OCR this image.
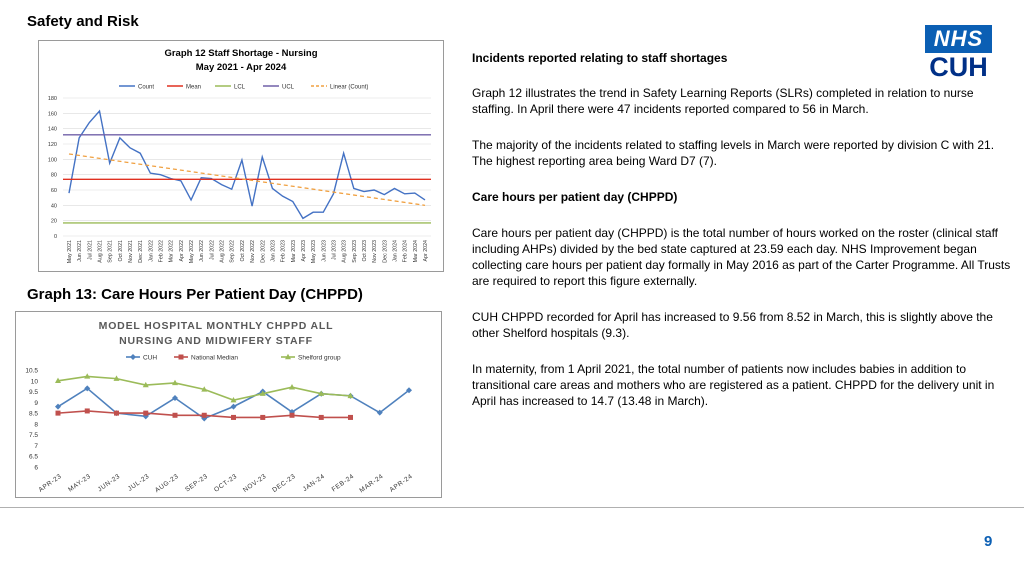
Safety and Risk
Graph 12 Staff Shortage - Nursing
May 2021 - Apr 2024
Count	Mean	LCL	UCL	Linear (Count)
0
20
40
60
80
100
120
140
160
180
May 2021 Jun 2021 Jul 2021 Aug 2021 Sep 2021 Oct 2021 Nov 2021 Dec 2021 Jan 2022 Feb 2022 Mar 2022 Apr 2022 May 2022 Jun 2022 Jul 2022 Aug 2022 Sep 2022 Oct 2022 Nov 2022 Dec 2022 Jan 2023 Feb 2023 Mar 2023 Apr 2023 May 2023 Jun 2023 Jul 2023 Aug 2023 Sep 2023 Oct 2023 Nov 2023 Dec 2023 Jan 2024 Feb 2024 Mar 2024 Apr 2024
Graph 13: Care Hours Per Patient Day (CHPPD)
MODEL HOSPITAL MONTHLY CHPPD ALL
NURSING AND MIDWIFERY STAFF
CUH	National Median	Shelford group
6
6.5
7
7.5
8
8.5
9
9.5
10
10.5
APR-23 MAY-23 JUN-23 JUL-23 AUG-23 SEP-23 OCT-23 NOV-23 DEC-23 JAN-24 FEB-24 MAR-24 APR-24

Incidents reported relating to staff shortages

Graph 12 illustrates the trend in Safety Learning Reports (SLRs) completed in relation to nurse staffing. In April there were 47 incidents reported compared to 56 in March.

The majority of the incidents related to staffing levels in March were reported by division C with 21. The highest reporting area being Ward D7 (7).

Care hours per patient day (CHPPD)

Care hours per patient day (CHPPD) is the total number of hours worked on the roster (clinical staff including AHPs) divided by the bed state captured at 23.59 each day. NHS Improvement began collecting care hours per patient day formally in May 2016 as part of the Carter Programme. All Trusts are required to report this figure externally.

CUH CHPPD recorded for April has increased to 9.56 from 8.52 in March, this is slightly above the other Shelford hospitals (9.3).

In maternity, from 1 April 2021, the total number of patients now includes babies in addition to transitional care areas and mothers who are registered as a patient. CHPPD for the delivery unit in April has increased to 14.7 (13.48 in March).

NHS
CUH
9
